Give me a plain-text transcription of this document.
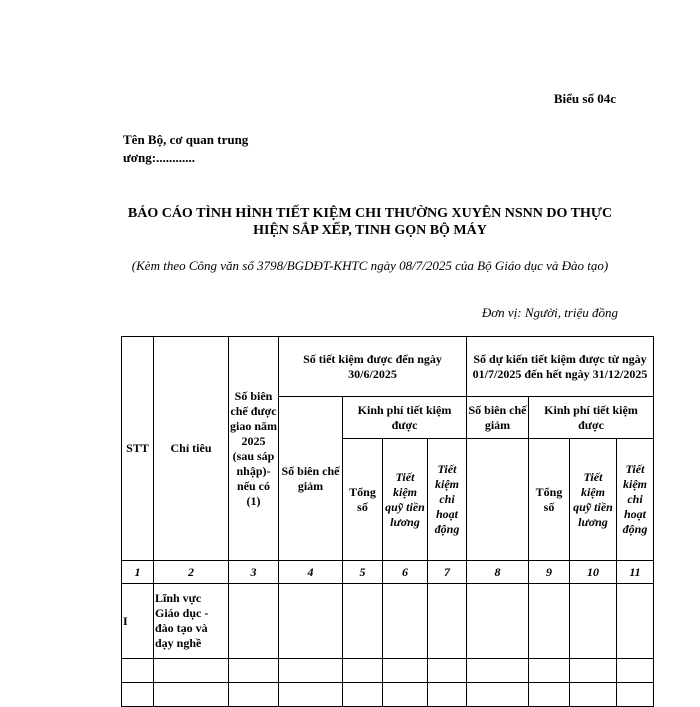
Biểu số 04c
Tên Bộ, cơ quan trung ương:............
BÁO CÁO TÌNH HÌNH TIẾT KIỆM CHI THƯỜNG XUYÊN NSNN DO THỰC HIỆN SẮP XẾP, TINH GỌN BỘ MÁY
(Kèm theo Công văn số 3798/BGDĐT-KHTC ngày 08/7/2025 của Bộ Giáo dục và Đào tạo)
Đơn vị: Người, triệu đồng
STT	Chỉ tiêu	Số biên chế được giao năm 2025 (sau sáp nhập)- nếu có (1)	Số tiết kiệm được đến ngày 30/6/2025				Số dự kiến tiết kiệm được từ ngày 01/7/2025 đến hết ngày 31/12/2025			
			Số biên chế giảm	Kinh phí tiết kiệm được			Số biên chế giảm	Kinh phí tiết kiệm được		
				Tổng số	Tiết kiệm quỹ tiền lương	Tiết kiệm chi hoạt động		Tổng số	Tiết kiệm quỹ tiền lương	Tiết kiệm chi hoạt động
1	2	3	4	5	6	7	8	9	10	11
I	Lĩnh vực Giáo dục - đào tạo và dạy nghề									
